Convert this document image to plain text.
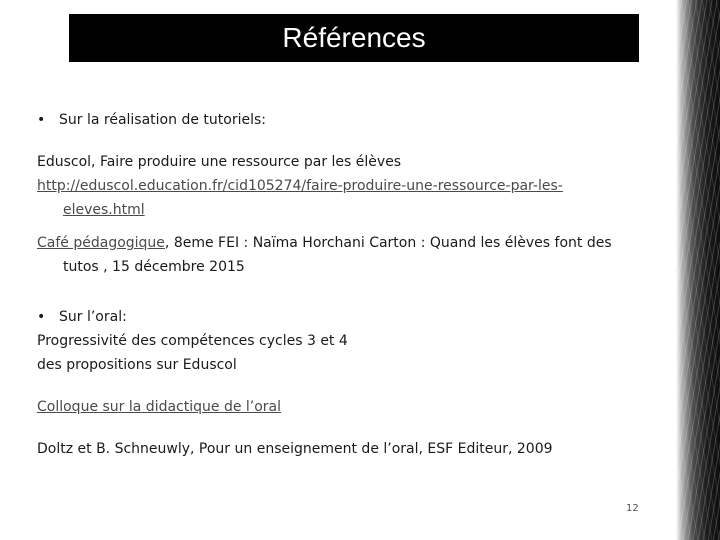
Références
• Sur la réalisation de tutoriels:
Eduscol, Faire produire une ressource par les élèves
http://eduscol.education.fr/cid105274/faire-produire-une-ressource-par-les-
eleves.html
Café pédagogique, 8eme FEI : Naïma Horchani Carton : Quand les élèves font des
tutos , 15 décembre 2015
• Sur l’oral:
Progressivité des compétences cycles 3 et 4
des propositions sur Eduscol
Colloque sur la didactique de l’oral
Doltz et B. Schneuwly, Pour un enseignement de l’oral, ESF Editeur, 2009
12
